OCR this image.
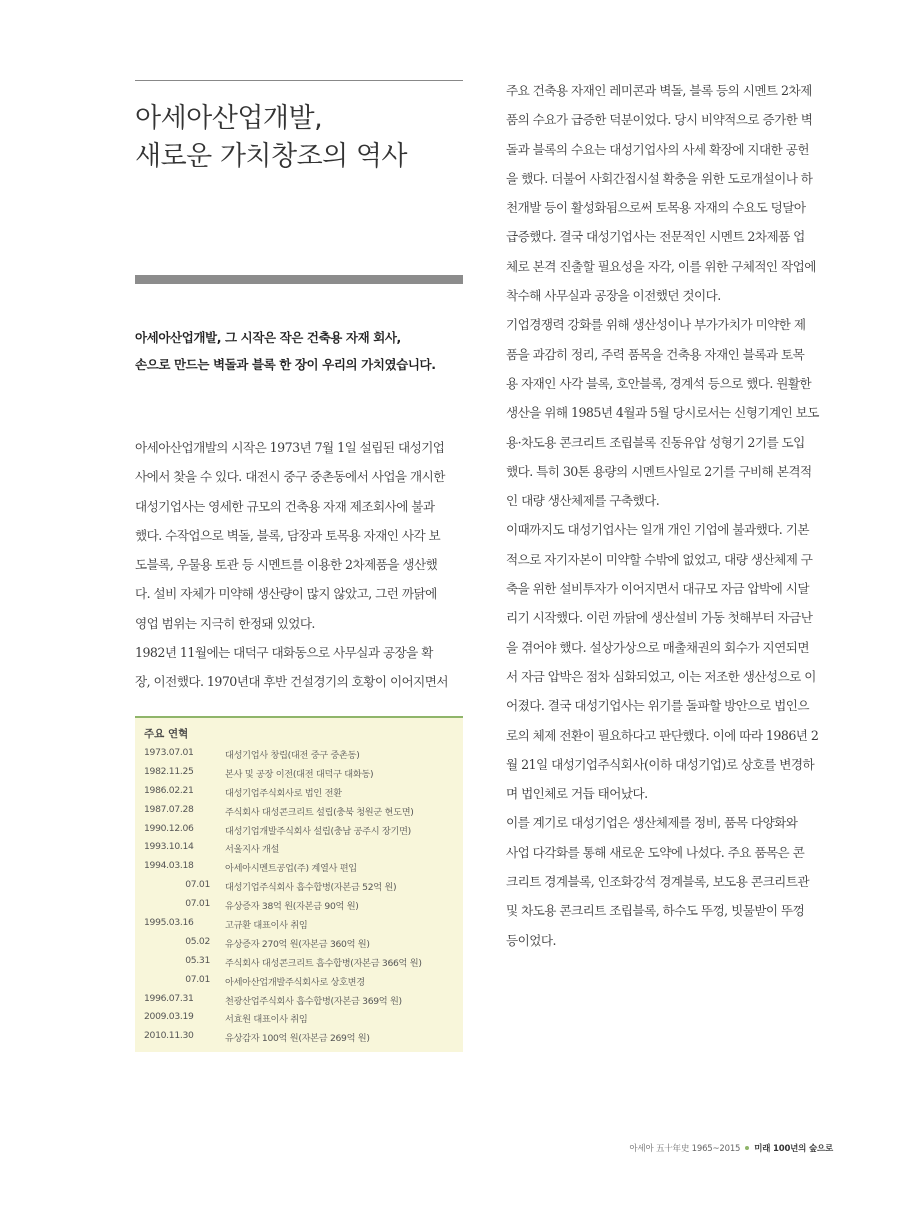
아세아산업개발,
새로운 가치창조의 역사
아세아산업개발, 그 시작은 작은 건축용 자재 회사,
손으로 만드는 벽돌과 블록 한 장이 우리의 가치였습니다.
아세아산업개발의 시작은 1973년 7월 1일 설립된 대성기업
사에서 찾을 수 있다. 대전시 중구 중촌동에서 사업을 개시한
대성기업사는 영세한 규모의 건축용 자재 제조회사에 불과
했다. 수작업으로 벽돌, 블록, 담장과 토목용 자재인 사각 보
도블록, 우물용 토관 등 시멘트를 이용한 2차제품을 생산했
다. 설비 자체가 미약해 생산량이 많지 않았고, 그런 까닭에
영업 범위는 지극히 한정돼 있었다.
1982년 11월에는 대덕구 대화동으로 사무실과 공장을 확
장, 이전했다. 1970년대 후반 건설경기의 호황이 이어지면서
주요 건축용 자재인 레미콘과 벽돌, 블록 등의 시멘트 2차제
품의 수요가 급증한 덕분이었다. 당시 비약적으로 증가한 벽
돌과 블록의 수요는 대성기업사의 사세 확장에 지대한 공헌
을 했다. 더불어 사회간접시설 확충을 위한 도로개설이나 하
천개발 등이 활성화됨으로써 토목용 자재의 수요도 덩달아
급증했다. 결국 대성기업사는 전문적인 시멘트 2차제품 업
체로 본격 진출할 필요성을 자각, 이를 위한 구체적인 작업에
착수해 사무실과 공장을 이전했던 것이다.
기업경쟁력 강화를 위해 생산성이나 부가가치가 미약한 제
품을 과감히 정리, 주력 품목을 건축용 자재인 블록과 토목
용 자재인 사각 블록, 호안블록, 경계석 등으로 했다. 원활한
생산을 위해 1985년 4월과 5월 당시로서는 신형기계인 보도
용·차도용 콘크리트 조립블록 진동유압 성형기 2기를 도입
했다. 특히 30톤 용량의 시멘트사일로 2기를 구비해 본격적
인 대량 생산체제를 구축했다.
이때까지도 대성기업사는 일개 개인 기업에 불과했다. 기본
적으로 자기자본이 미약할 수밖에 없었고, 대량 생산체제 구
축을 위한 설비투자가 이어지면서 대규모 자금 압박에 시달
리기 시작했다. 이런 까닭에 생산설비 가동 첫해부터 자금난
을 겪어야 했다. 설상가상으로 매출채권의 회수가 지연되면
서 자금 압박은 점차 심화되었고, 이는 저조한 생산성으로 이
어졌다. 결국 대성기업사는 위기를 돌파할 방안으로 법인으
로의 체제 전환이 필요하다고 판단했다. 이에 따라 1986년 2
월 21일 대성기업주식회사(이하 대성기업)로 상호를 변경하
며 법인체로 거듭 태어났다.
이를 계기로 대성기업은 생산체제를 정비, 품목 다양화와
사업 다각화를 통해 새로운 도약에 나섰다. 주요 품목은 콘
크리트 경계블록, 인조화강석 경계블록, 보도용 콘크리트관
및 차도용 콘크리트 조립블록, 하수도 뚜껑, 빗물받이 뚜껑
등이었다.
주요 연혁
1973.07.01	대성기업사 창립(대전 중구 중촌동)
1982.11.25	본사 및 공장 이전(대전 대덕구 대화동)
1986.02.21	대성기업주식회사로 법인 전환
1987.07.28	주식회사 대성콘크리트 설립(충북 청원군 현도면)
1990.12.06	대성기업개발주식회사 설립(충남 공주시 장기면)
1993.10.14	서울지사 개설
1994.03.18	아세아시멘트공업(주) 계열사 편입
07.01 대성기업주식회사 흡수합병(자본금 52억 원)
07.01 유상증자 38억 원(자본금 90억 원)
1995.03.16	고규환 대표이사 취임
05.02 유상증자 270억 원(자본금 360억 원)
05.31 주식회사 대성콘크리트 흡수합병(자본금 366억 원)
07.01 아세아산업개발주식회사로 상호변경
1996.07.31	천광산업주식회사 흡수합병(자본금 369억 원)
2009.03.19	서효원 대표이사 취임
2010.11.30	유상감자 100억 원(자본금 269억 원)
아세아 五十年史 1965~2015 미래 100년의 숲으로
